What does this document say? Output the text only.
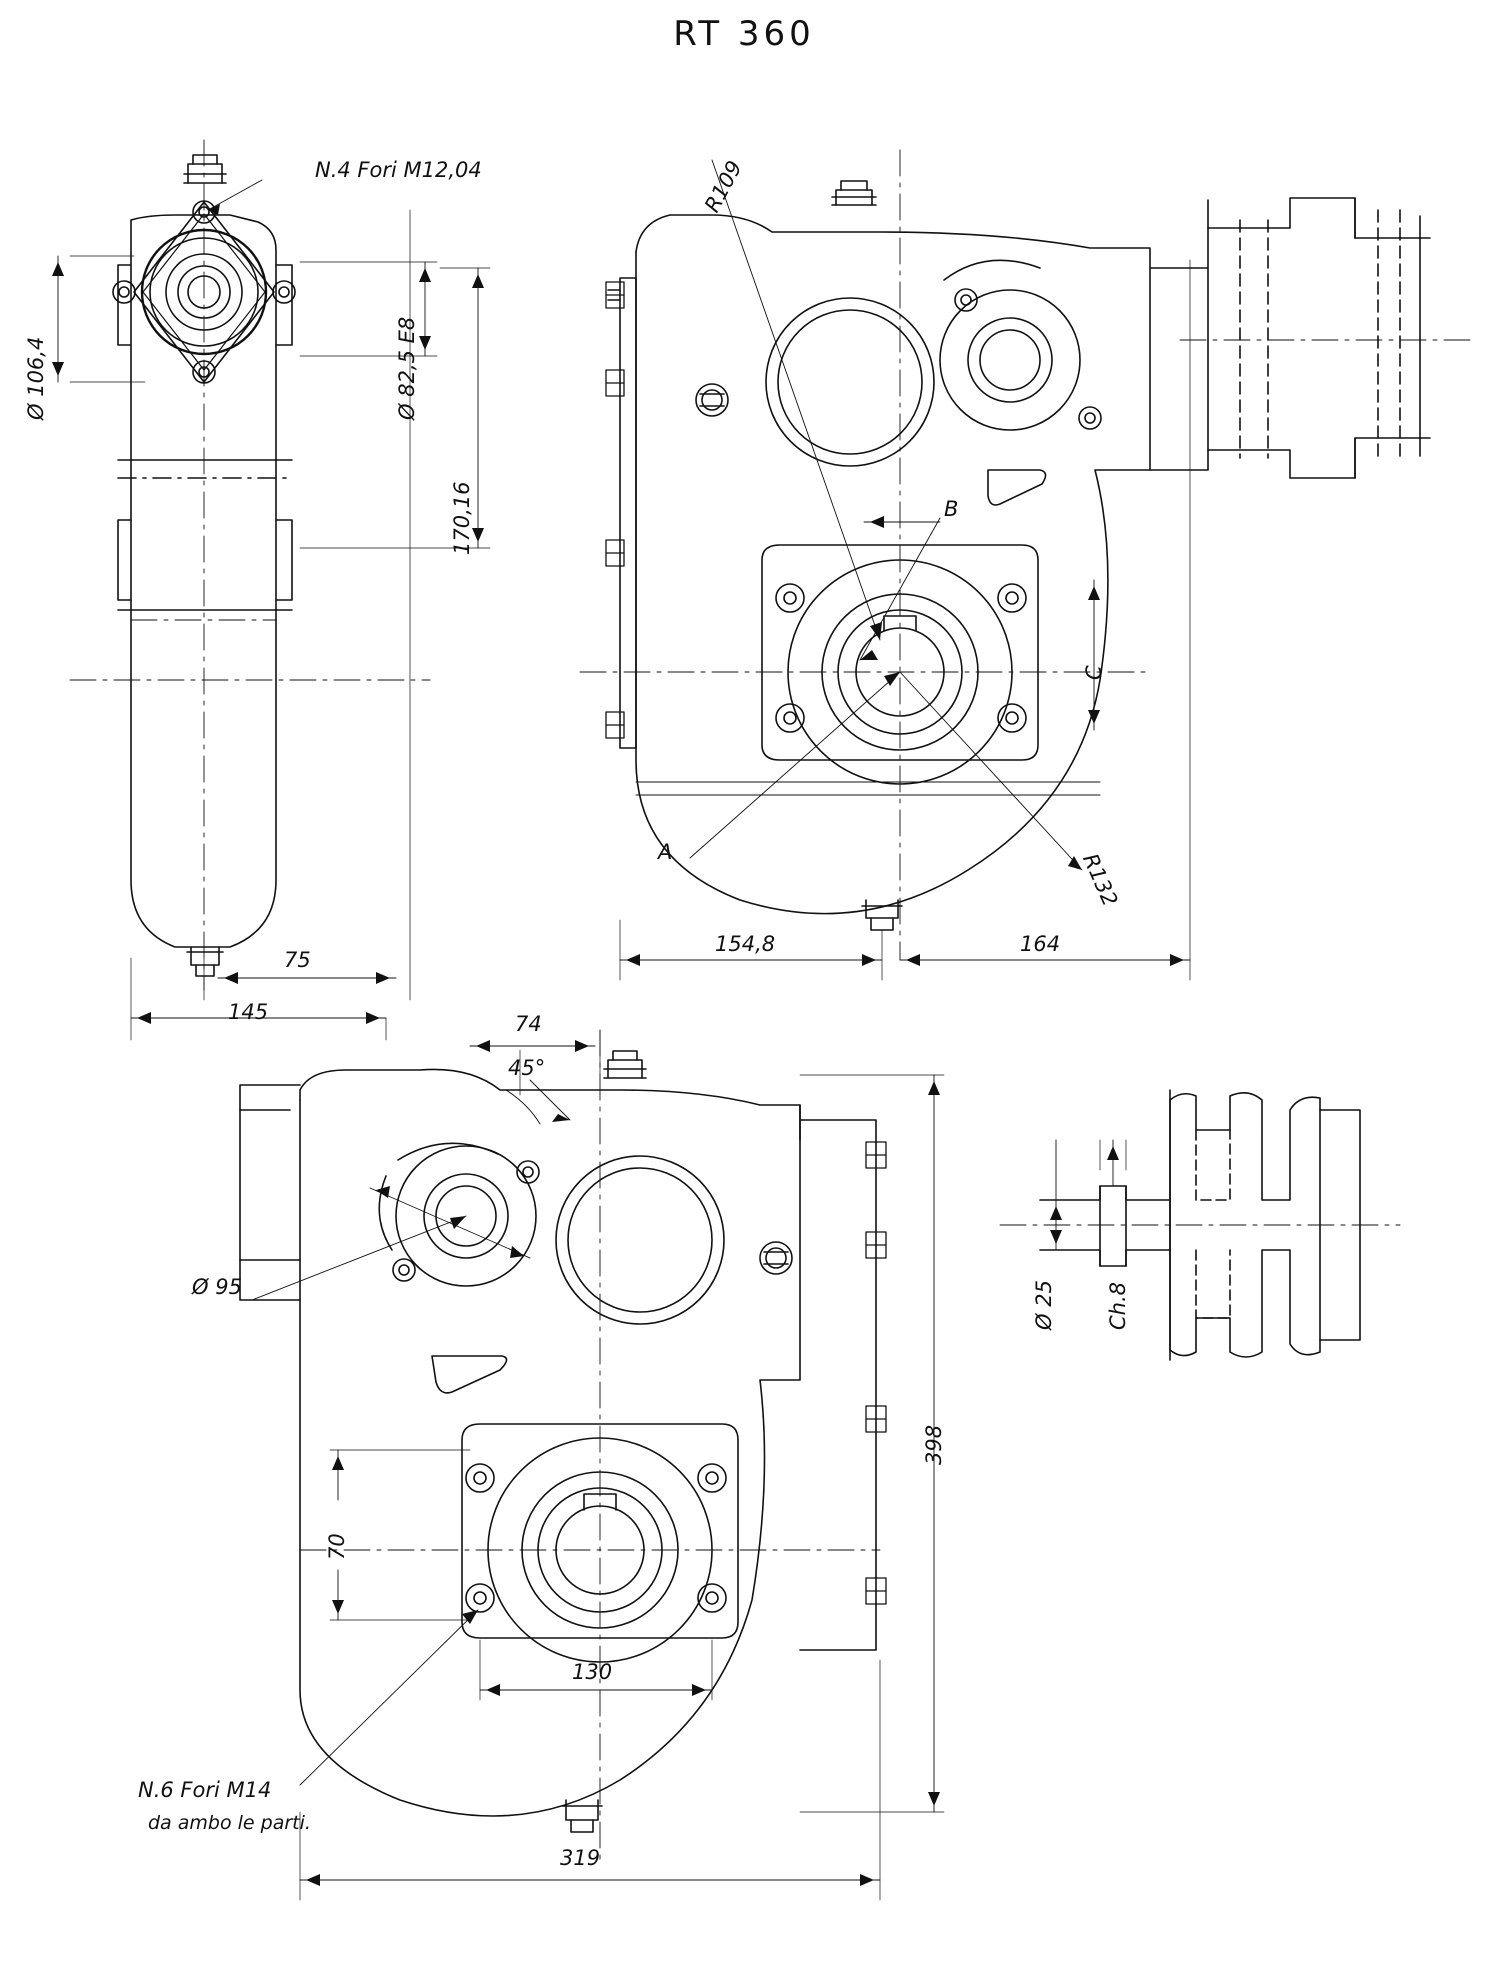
RT 360
N.4 Fori M12,04
Ø 106,4	Ø 82,5 E8
170,16
75
145
R109
R132
A
B
C
154,8	164
74
45°
Ø 95
70
130
398
319
N.6 Fori M14
da ambo le parti.
Ø 25 Ch.8
